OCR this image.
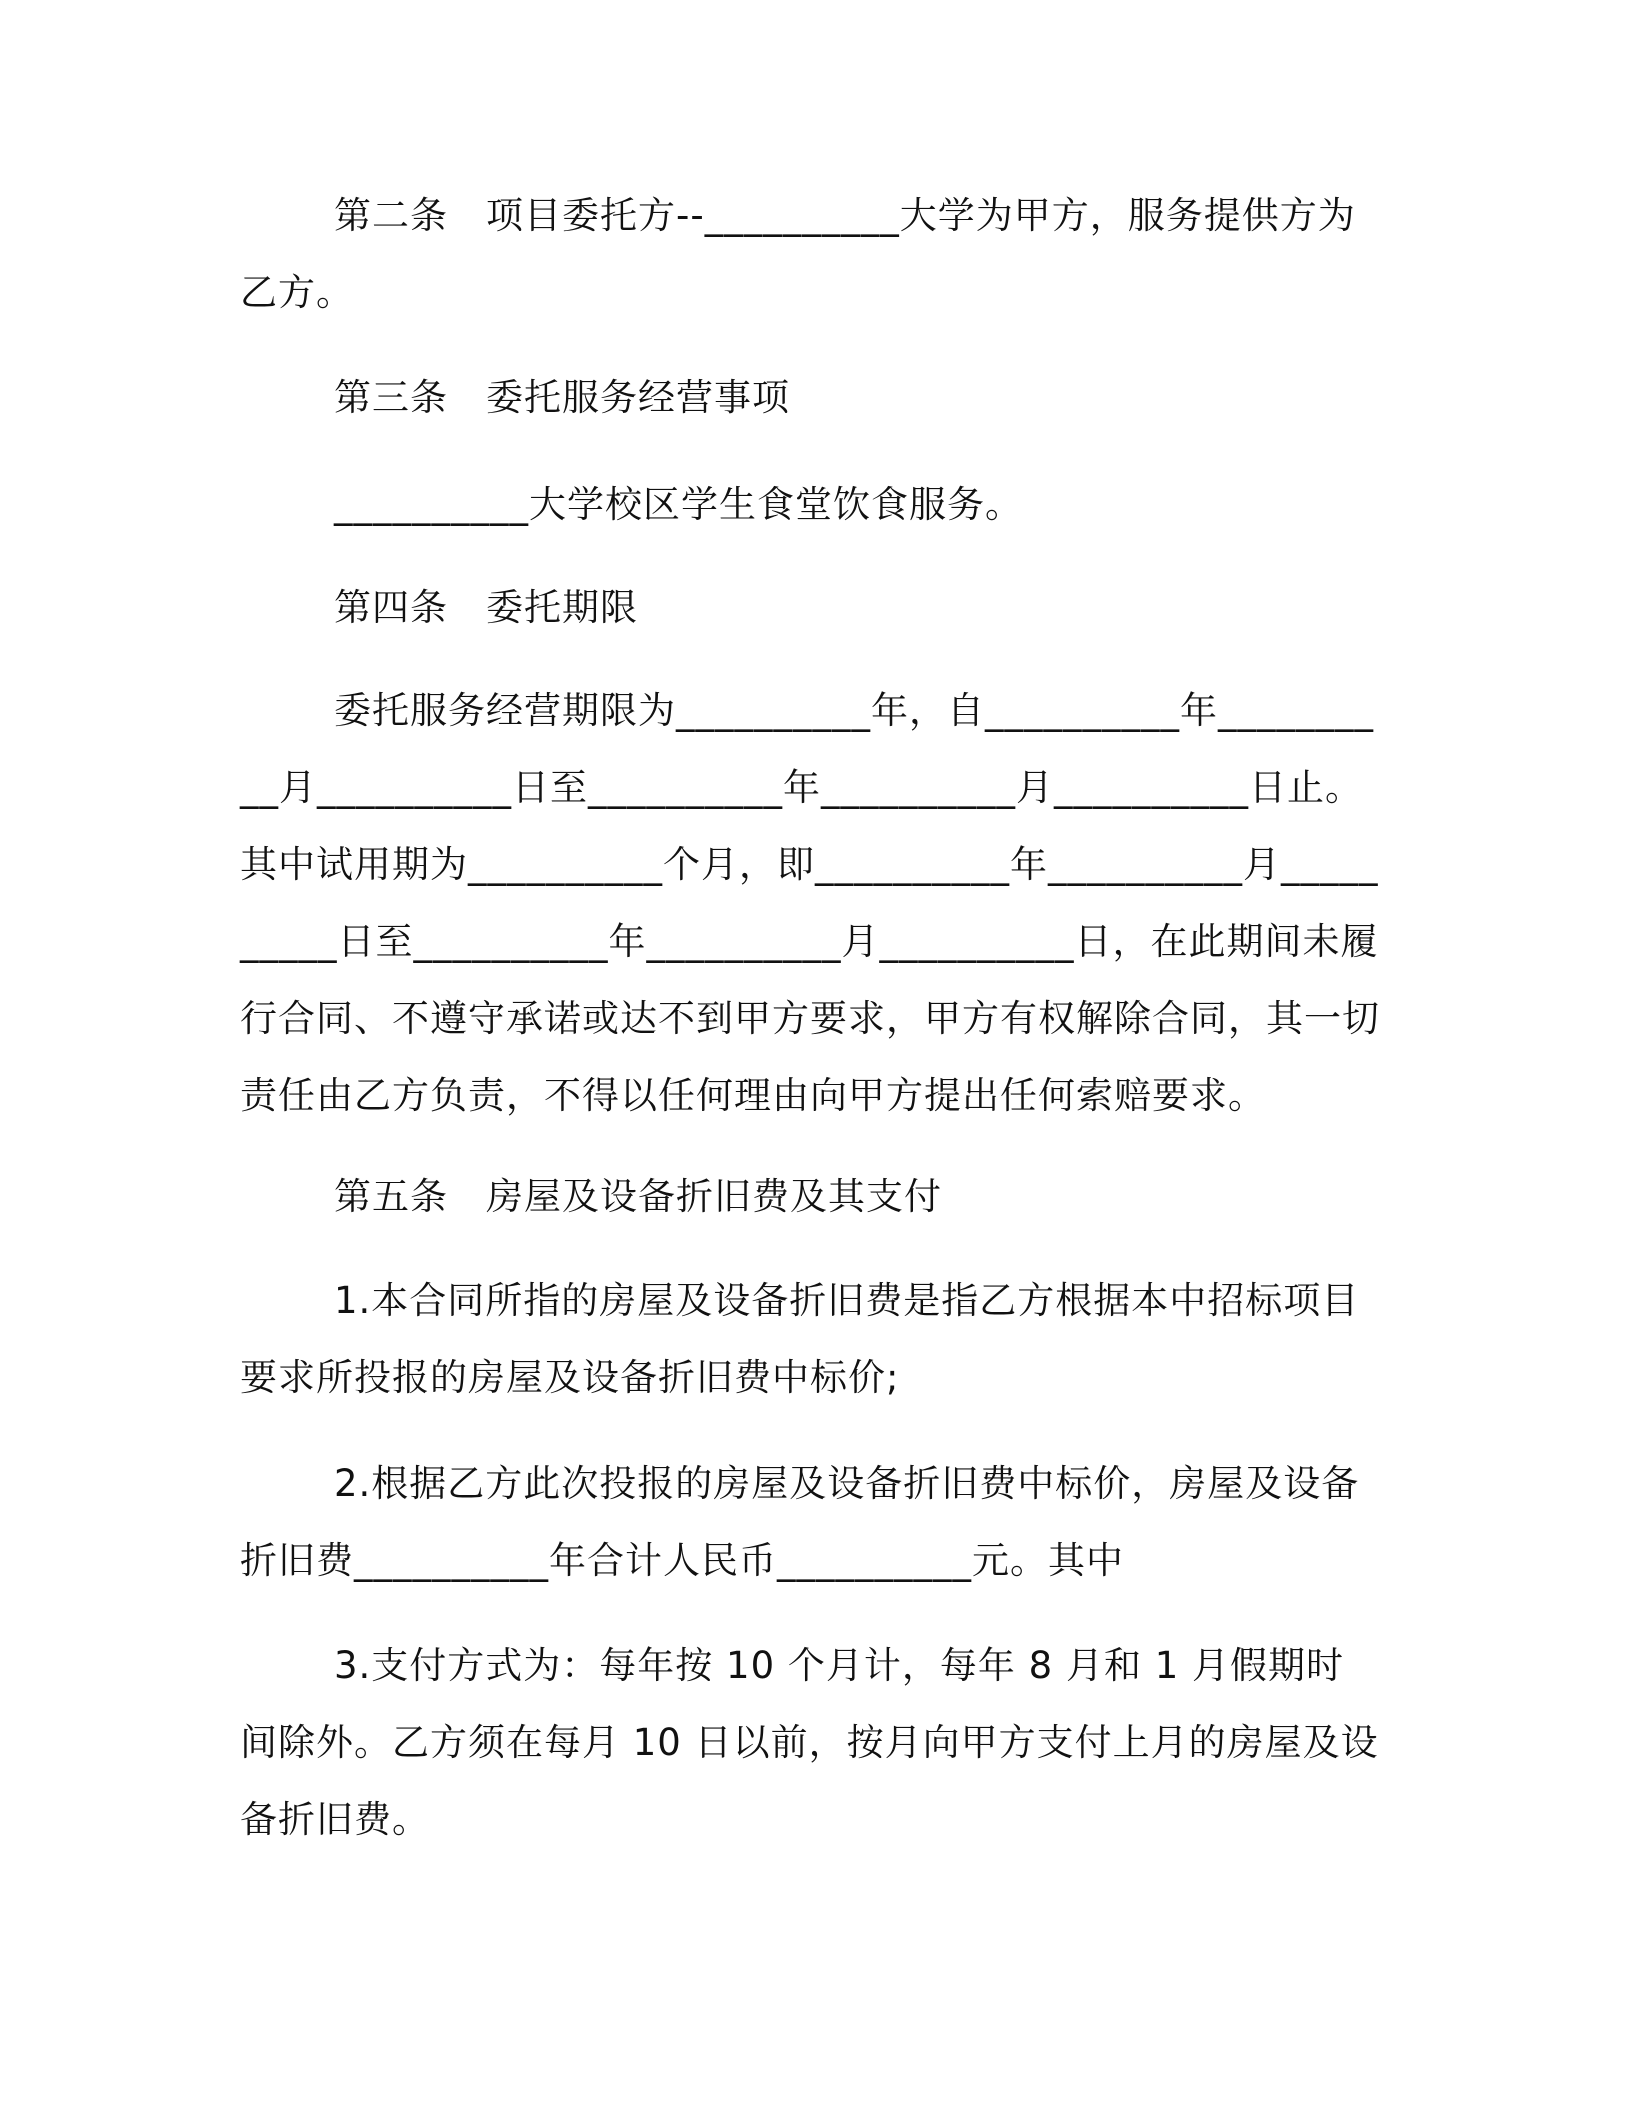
第二条　项目委托方--__________大学为甲方，服务提供方为乙方。

第三条　委托服务经营事项

__________大学校区学生食堂饮食服务。

第四条　委托期限

委托服务经营期限为__________年，自__________年__________月__________日至__________年__________月__________日止。其中试用期为__________个月，即__________年__________月__________日至__________年__________月__________日，在此期间未履行合同、不遵守承诺或达不到甲方要求，甲方有权解除合同，其一切责任由乙方负责，不得以任何理由向甲方提出任何索赔要求。

第五条　房屋及设备折旧费及其支付

1.本合同所指的房屋及设备折旧费是指乙方根据本中招标项目要求所投报的房屋及设备折旧费中标价;

2.根据乙方此次投报的房屋及设备折旧费中标价，房屋及设备折旧费__________年合计人民币__________元。其中

3.支付方式为：每年按 10 个月计，每年 8 月和 1 月假期时间除外。乙方须在每月 10 日以前，按月向甲方支付上月的房屋及设备折旧费。
